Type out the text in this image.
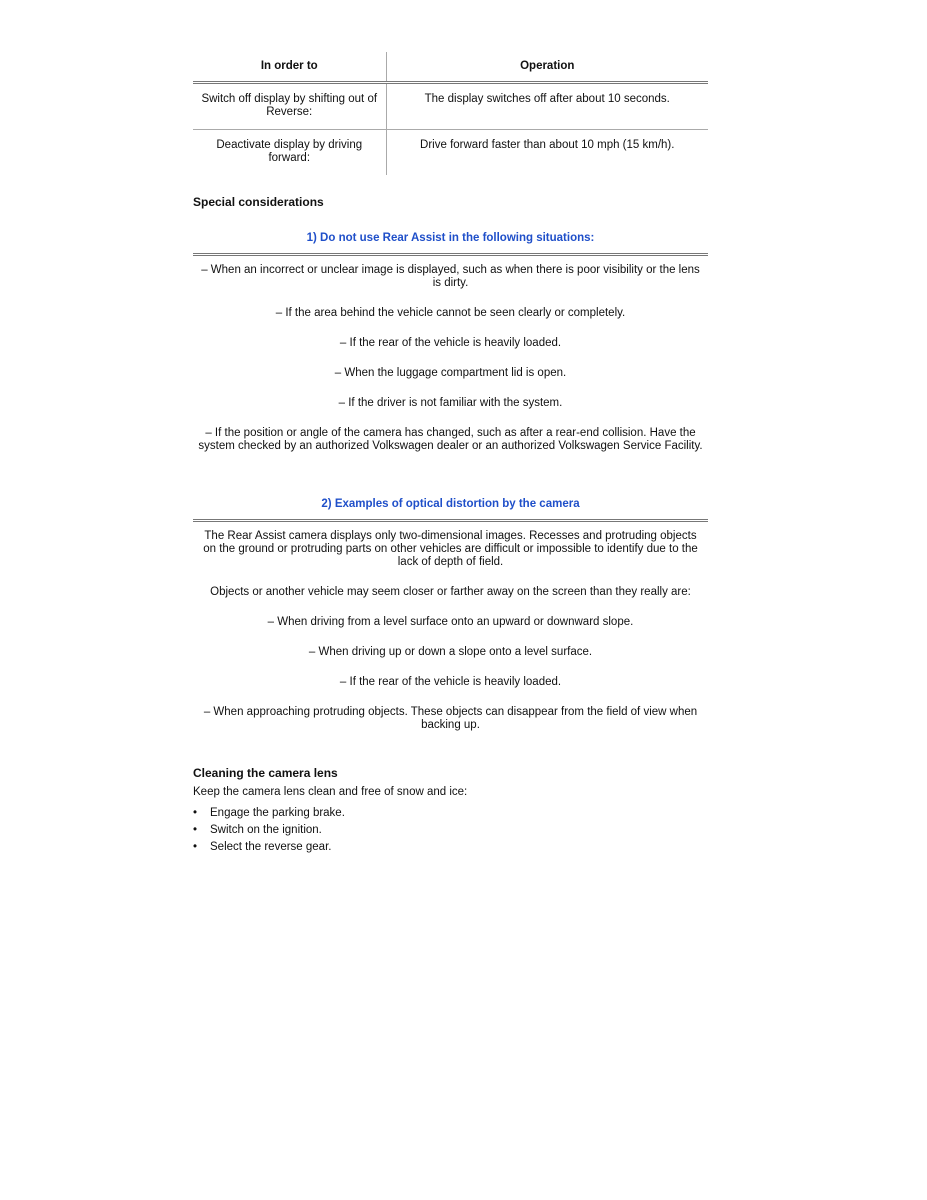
In order to	Operation
Switch off display by shifting out of Reverse:	The display switches off after about 10 seconds.
Deactivate display by driving forward:	Drive forward faster than about 10 mph (15 km/h).
Special considerations
1) Do not use Rear Assist in the following situations:

– When an incorrect or unclear image is displayed, such as when there is poor visibility or the lens is dirty.

– If the area behind the vehicle cannot be seen clearly or completely.

– If the rear of the vehicle is heavily loaded.

– When the luggage compartment lid is open.

– If the driver is not familiar with the system.

– If the position or angle of the camera has changed, such as after a rear-end collision. Have the system checked by an authorized Volkswagen dealer or an authorized Volkswagen Service Facility.

2) Examples of optical distortion by the camera

The Rear Assist camera displays only two-dimensional images. Recesses and protruding objects on the ground or protruding parts on other vehicles are difficult or impossible to identify due to the lack of depth of field.

Objects or another vehicle may seem closer or farther away on the screen than they really are:

– When driving from a level surface onto an upward or downward slope.

– When driving up or down a slope onto a level surface.

– If the rear of the vehicle is heavily loaded.

– When approaching protruding objects. These objects can disappear from the field of view when backing up.

Cleaning the camera lens

Keep the camera lens clean and free of snow and ice:

• Engage the parking brake.
• Switch on the ignition.
• Select the reverse gear.
